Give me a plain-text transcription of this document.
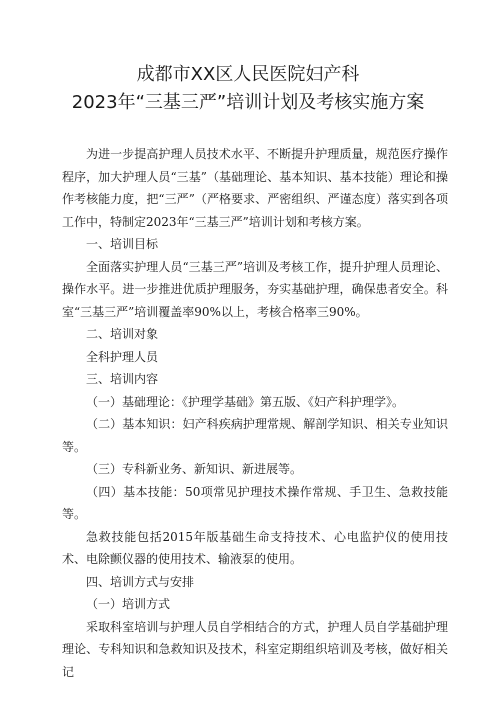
成都市XX区人民医院妇产科
2023年“三基三严”培训计划及考核实施方案

为进一步提高护理人员技术水平、不断提升护理质量，规范医疗操作程序，加大护理人员“三基”（基础理论、基本知识、基本技能）理论和操作考核能力度，把“三严”（严格要求、严密组织、严谨态度）落实到各项工作中，特制定2023年“三基三严”培训计划和考核方案。

一、培训目标

全面落实护理人员“三基三严”培训及考核工作，提升护理人员理论、操作水平。进一步推进优质护理服务，夯实基础护理，确保患者安全。科室“三基三严”培训覆盖率90%以上，考核合格率三90%。

二、培训对象

全科护理人员

三、培训内容

（一）基础理论：《护理学基础》第五版、《妇产科护理学》。

（二）基本知识：妇产科疾病护理常规、解剖学知识、相关专业知识等。

（三）专科新业务、新知识、新进展等。

（四）基本技能：50项常见护理技术操作常规、手卫生、急救技能等。

急救技能包括2015年版基础生命支持技术、心电监护仪的使用技术、电除颤仪器的使用技术、输液泵的使用。

四、培训方式与安排

（一）培训方式

采取科室培训与护理人员自学相结合的方式，护理人员自学基础护理理论、专科知识和急救知识及技术，科室定期组织培训及考核，做好相关记
